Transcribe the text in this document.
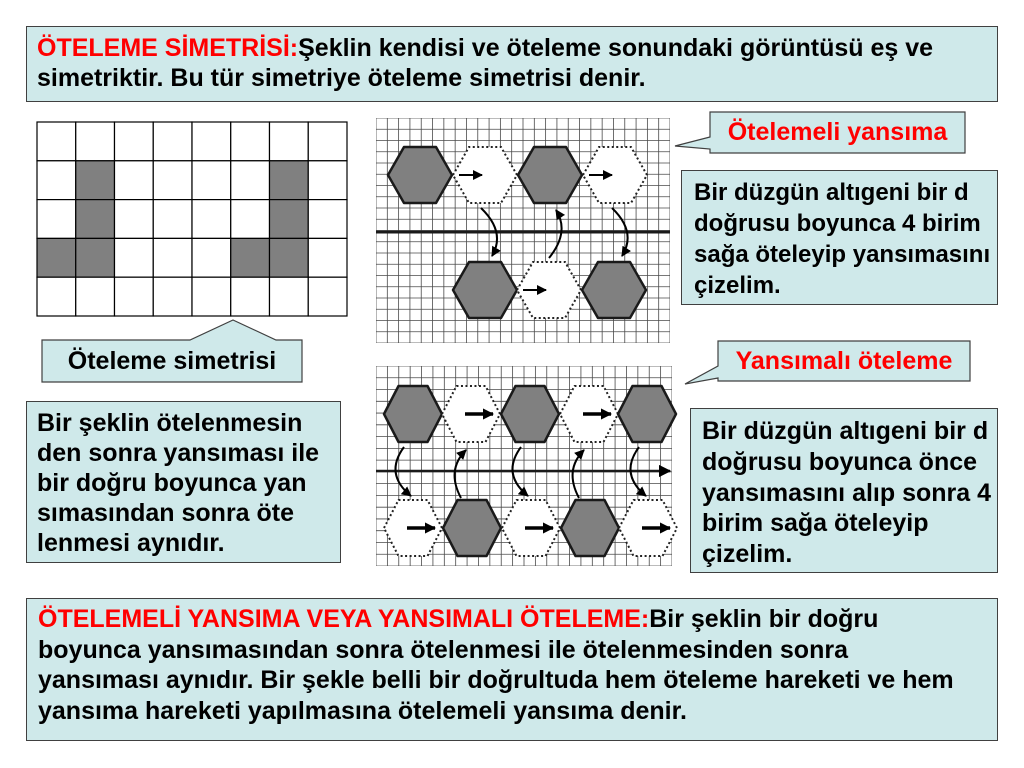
ÖTELEME SİMETRİSİ:Şeklin kendisi ve öteleme sonundaki görüntüsü eş ve
simetriktir. Bu tür simetriye öteleme simetrisi denir.
Öteleme simetrisi
Bir şeklin ötelenmesin
den sonra yansıması ile
bir doğru boyunca yan
sımasından sonra öte
lenmesi aynıdır.
Ötelemeli yansıma
Bir düzgün altıgeni bir d
doğrusu boyunca 4 birim
sağa öteleyip yansımasını
çizelim.
Yansımalı öteleme
Bir düzgün altıgeni bir d
doğrusu boyunca önce
yansımasını alıp sonra 4
birim sağa öteleyip
çizelim.
ÖTELEMELİ YANSIMA VEYA YANSIMALI ÖTELEME:Bir şeklin bir doğru
boyunca yansımasından sonra ötelenmesi ile ötelenmesinden sonra
yansıması aynıdır. Bir şekle belli bir doğrultuda hem öteleme hareketi ve hem
yansıma hareketi yapılmasına ötelemeli yansıma denir.
